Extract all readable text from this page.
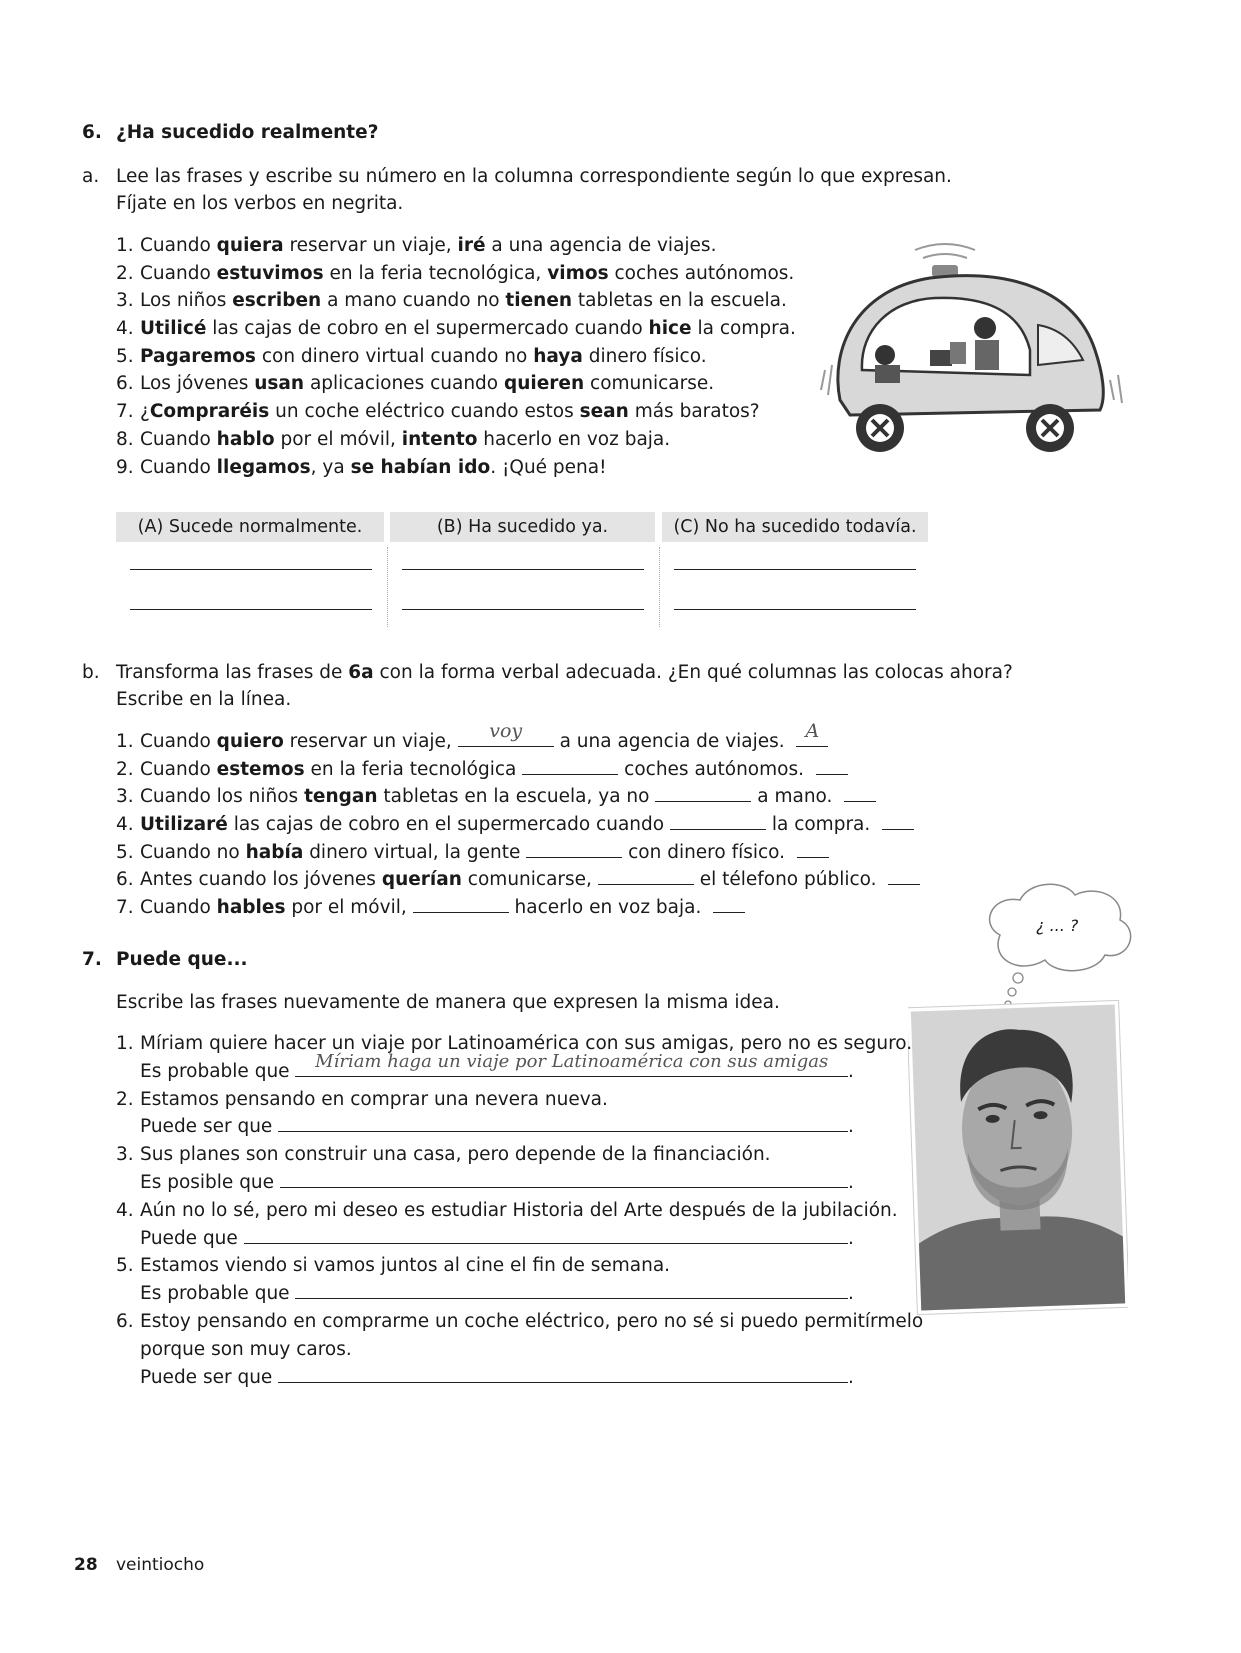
6. ¿Ha sucedido realmente?
a. Lee las frases y escribe su número en la columna correspondiente según lo que expresan.
Fíjate en los verbos en negrita.
1. Cuando quiera reservar un viaje, iré a una agencia de viajes.
2. Cuando estuvimos en la feria tecnológica, vimos coches autónomos.
3. Los niños escriben a mano cuando no tienen tabletas en la escuela.
4. Utilicé las cajas de cobro en el supermercado cuando hice la compra.
5. Pagaremos con dinero virtual cuando no haya dinero físico.
6. Los jóvenes usan aplicaciones cuando quieren comunicarse.
7. ¿Compraréis un coche eléctrico cuando estos sean más baratos?
8. Cuando hablo por el móvil, intento hacerlo en voz baja.
9. Cuando llegamos, ya se habían ido. ¡Qué pena!
(A) Sucede normalmente.	(B) Ha sucedido ya.	(C) No ha sucedido todavía.
b. Transforma las frases de 6a con la forma verbal adecuada. ¿En qué columnas las colocas ahora?
Escribe en la línea.
1. Cuando quiero reservar un viaje,	voy	a una agencia de viajes.	A
2. Cuando estemos en la feria tecnológica	coches autónomos.
3. Cuando los niños tengan tabletas en la escuela, ya no	a mano.
4. Utilizaré las cajas de cobro en el supermercado cuando	la compra.
5. Cuando no había dinero virtual, la gente	con dinero físico.
6. Antes cuando los jóvenes querían comunicarse,	el télefono público.
7. Cuando hables por el móvil,	hacerlo en voz baja.
¿ ... ?
7. Puede que...
Escribe las frases nuevamente de manera que expresen la misma idea.
1. Míriam quiere hacer un viaje por Latinoamérica con sus amigas, pero no es seguro.
Es probable que	Míriam haga un viaje por Latinoamérica con sus amigas	.
2. Estamos pensando en comprar una nevera nueva.
Puede ser que	.
3. Sus planes son construir una casa, pero depende de la financiación.
Es posible que	.
4. Aún no lo sé, pero mi deseo es estudiar Historia del Arte después de la jubilación.
Puede que	.
5. Estamos viendo si vamos juntos al cine el fin de semana.
Es probable que	.
6. Estoy pensando en comprarme un coche eléctrico, pero no sé si puedo permitírmelo
porque son muy caros.
Puede ser que	.
28 veintiocho
